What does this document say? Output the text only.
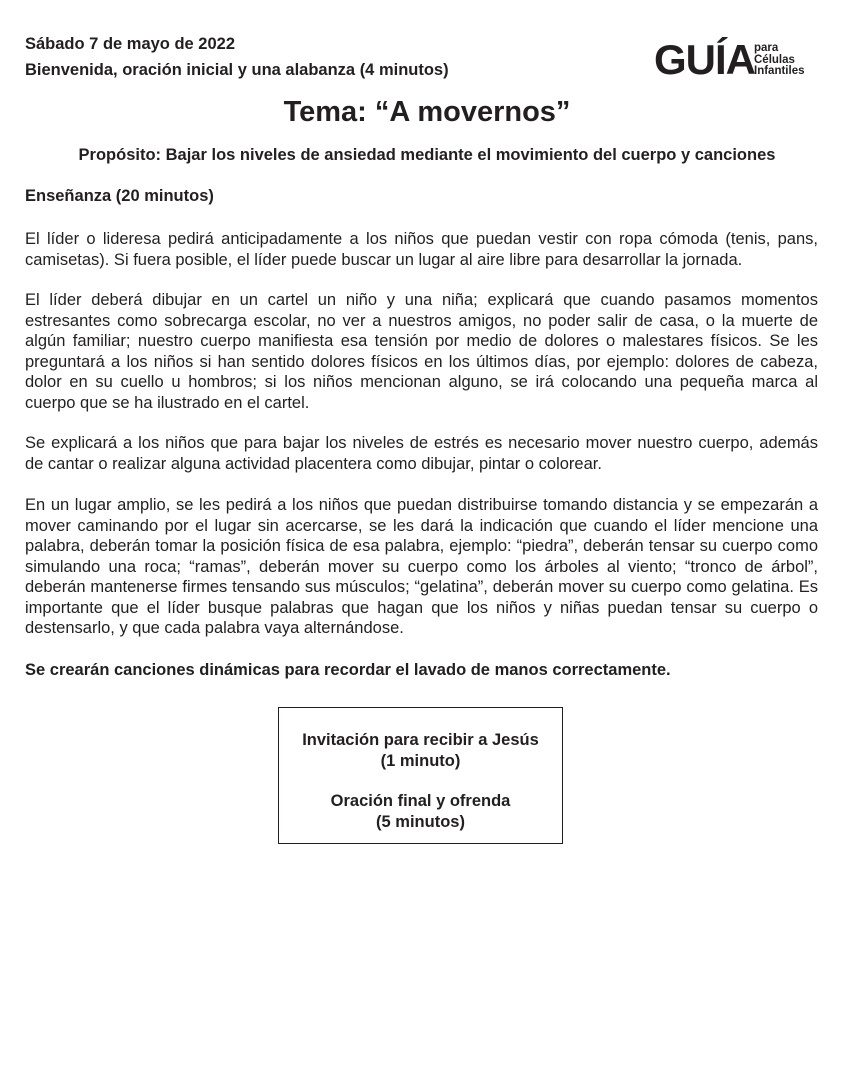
Sábado 7 de mayo de 2022
Bienvenida, oración inicial y una alabanza (4 minutos)	GUÍA para
Células
Infantiles
Tema: “A movernos”
Propósito: Bajar los niveles de ansiedad mediante el movimiento del cuerpo y canciones
Enseñanza (20 minutos)
El líder o lideresa pedirá anticipadamente a los niños que puedan vestir con ropa cómoda (tenis, pans, camisetas). Si fuera posible, el líder puede buscar un lugar al aire libre para desarrollar la jornada.
El líder deberá dibujar en un cartel un niño y una niña; explicará que cuando pasamos momentos estresantes como sobrecarga escolar, no ver a nuestros amigos, no poder salir de casa, o la muerte de algún familiar; nuestro cuerpo manifiesta esa tensión por medio de dolores o malestares físicos. Se les preguntará a los niños si han sentido dolores físicos en los últimos días, por ejemplo: dolores de cabeza, dolor en su cuello u hombros; si los niños mencionan alguno, se irá colocando una pequeña marca al cuerpo que se ha ilustrado en el cartel.
Se explicará a los niños que para bajar los niveles de estrés es necesario mover nuestro cuerpo, además de cantar o realizar alguna actividad placentera como dibujar, pintar o colorear.
En un lugar amplio, se les pedirá a los niños que puedan distribuirse tomando distancia y se empezarán a mover caminando por el lugar sin acercarse, se les dará la indicación que cuando el líder mencione una palabra, deberán tomar la posición física de esa palabra, ejemplo: “piedra”, deberán tensar su cuerpo como simulando una roca; “ramas”, deberán mover su cuerpo como los árboles al viento; “tronco de árbol”, deberán mantenerse firmes tensando sus músculos; “gelatina”, deberán mover su cuerpo como gelatina. Es importante que el líder busque palabras que hagan que los niños y niñas puedan tensar su cuerpo o destensarlo, y que cada palabra vaya alternándose.
Se crearán canciones dinámicas para recordar el lavado de manos correctamente.
Invitación para recibir a Jesús
(1 minuto)
Oración final y ofrenda
(5 minutos)
